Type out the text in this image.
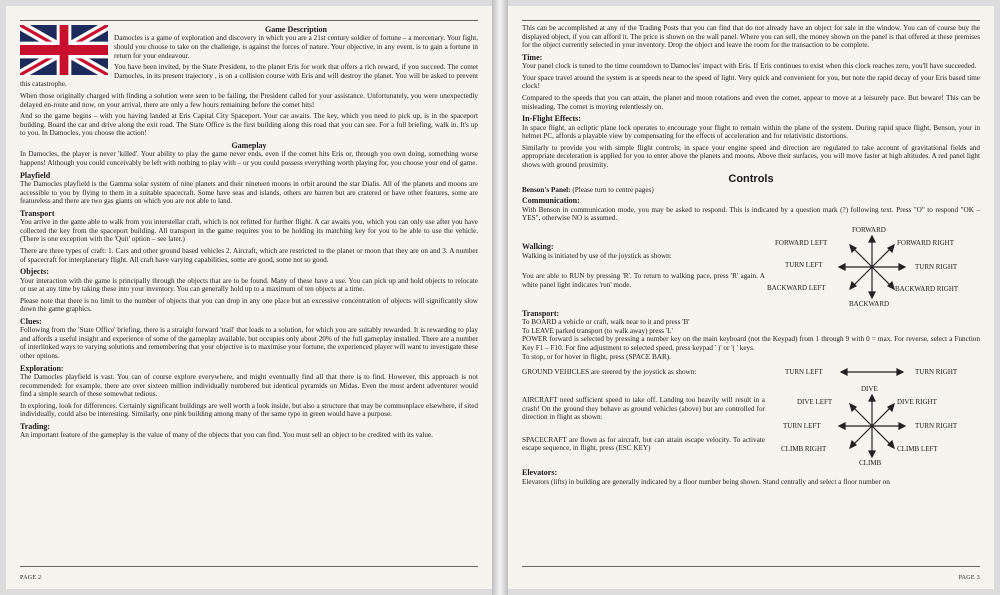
Game Description

Damocles is a game of exploration and discovery in which you are a 21st century soldier of fortune – a mercenary. Your fight, should you choose to take on the challenge, is against the forces of nature. Your objective, in any event, is to gain a fortune in return for your endeavour.

You have been invited, by the State President, to the planet Eris for work that offers a rich reward, if you succeed. The comet Damocles, in its present trajectory , is on a collision course with Eris and will destroy the planet. You will be asked to prevent this catastrophe.

When those originally charged with finding a solution were seen to be failing, the President called for your assistance. Unfortunately, you were unexpectedly delayed en-route and now, on your arrival, there are only a few hours remaining before the comet hits!

And so the game begins – with you having landed at Eris Capital City Spaceport. Your car awaits. The key, which you need to pick up, is in the spaceport building. Board the car and drive along the exit road. The State Office is the first building along this road that you can see. For a full briefing, walk in. It's up to you. In Damocles, you choose the action!

Gameplay

In Damocles, the player is never 'killed'. Your ability to play the game never ends, even if the comet hits Eris or, through you own doing, something worse happens! Although you could conceivably be left with nothing to play with – or you could possess everything worth playing for, you choose your end of game.

Playfield

The Damocles playfield is the Gamma solar system of nine planets and their nineteen moons in orbit around the star Dialis. All of the planets and moons are accessible to you by flying to them in a suitable spacecraft. Some have seas and islands, others are barren but are cratered or have other features, some are featureless and there are two gas giants on which you are not able to land.

Transport

You arrive in the game able to walk from you interstellar craft, which is not refitted for further flight. A car awaits you, which you can only use after you have collected the key from the spaceport building. All transport in the game requires you to be holding its matching key for you to be able to use the vehicle. (There is one exception with the 'Quit' option – see later.)

There are three types of craft: 1. Cars and other ground based vehicles 2. Aircraft, which are restricted to the planet or moon that they are on and 3. A number of spacecraft for interplanetary flight. All craft have varying capabilities, some are good, some not so good.

Objects:

Your interaction with the game is principally through the objects that are to be found. Many of these have a use. You can pick up and hold objects to relocate or use at any time by taking these into your inventory. You can generally hold up to a maximum of ten objects at a time.

Please note that there is no limit to the number of objects that you can drop in any one place but an excessive concentration of objects will significantly slow down the game graphics.

Clues:

Following from the 'State Office' briefing, there is a straight forward 'trail' that leads to a solution, for which you are suitably rewarded. It is rewarding to play and affords a useful insight and experience of some of the gameplay available, but occupies only about 20% of the full gameplay installed. There are a number of interlinked ways to varying solutions and remembering that your objective is to maximise your fortune, the experienced player will want to investigate these other options.

Exploration:

The Damocles playfield is vast. You can of course explore everywhere, and might eventually find all that there is to find. However, this approach is not recommended: for example, there are over sixteen million individually numbered but identical pyramids on Midas. Even the most ardent adventurer would find a simple search of these somewhat tedious.

In exploring, look for differences. Certainly significant buildings are well worth a look inside, but also a structure that may be commonplace elsewhere, if sited individually, could also be interesting. Similarly, one pink building among many of the same type in green would have a purpose.

Trading:

An important feature of the gameplay is the value of many of the objects that you can find. You must sell an object to be credited with its value.

PAGE 2

This can be accomplished at any of the Trading Posts that you can find that do not already have an object for sale in the window. You can of course buy the displayed object, if you can afford it. The price is shown on the wall panel. Where you can sell, the money shown on the panel is that offered at these premises for the object currently selected in your inventory. Drop the object and leave the room for the transaction to be complete.

Time:

Your panel clock is tuned to the time countdown to Damocles' impact with Eris. If Eris continues to exist when this clock reaches zero, you'll have succeeded.

Your space travel around the system is at speeds near to the speed of light. Very quick and convenient for you, but note the rapid decay of your Eris based time clock!

Compared to the speeds that you can attain, the planet and moon rotations and even the comet, appear to move at a leisurely pace. But beware! This can be misleading. The comet is moving relentlessly on.

In-Flight Effects:

In space flight, an ecliptic plane lock operates to encourage your flight to remain within the plane of the system. During rapid space flight, Benson, your in helmet PC, affords a playable view by compensating for the effects of acceleration and for relativistic distortions.

Similarly to provide you with simple flight controls; in space your engine speed and direction are regulated to take account of gravitational fields and appropriate deceleration is applied for you to enter above the planets and moons. Above their surfaces, you will move faster at high altitudes. A red panel light shows with ground proximity.

Controls

Benson's Panel: (Please turn to centre pages)

Communication:

With Benson in communication mode, you may be asked to respond. This is indicated by a question mark (?) following text. Press "O" to respond "OK – YES", otherwise NO is assumed.

Walking:

Walking is initiated by use of the joystick as shown:

You are able to RUN by pressing 'R'. To return to walking pace, press 'R' again. A white panel light indicates 'run' mode.

FORWARD
FORWARD LEFT	FORWARD RIGHT
TURN LEFT	TURN RIGHT
BACKWARD LEFT	BACKWARD RIGHT
BACKWARD
Transport:

To BOARD a vehicle or craft, walk near to it and press 'B'

To LEAVE parked transport (to walk away) press 'L'

POWER forward is selected by pressing a number key on the main keyboard (not the Keypad) from 1 through 9 with 0 = max. For reverse, select a Function Key F1 – F10. For fine adjustment to selected speed, press keypad ' )' or '( ' keys.

To stop, or for hover in flight, press (SPACE BAR).

GROUND VEHICLES are steered by the joystick as shown:	TURN LEFT	TURN RIGHT

AIRCRAFT need sufficient speed to take off. Landing too heavily will result in a crash! On the ground they behave as ground vehicles (above) but are controlled for direction in flight as shown:

SPACECRAFT are flown as for aircraft, but can attain escape velocity. To activate escape sequence, in flight, press (ESC KEY)

DIVE
DIVE LEFT	DIVE RIGHT
TURN LEFT	TURN RIGHT
CLIMB RIGHT	CLIMB LEFT
CLIMB
Elevators:

Elevators (lifts) in building are generally indicated by a floor number being shown. Stand centrally and select a floor number on

PAGE 3
